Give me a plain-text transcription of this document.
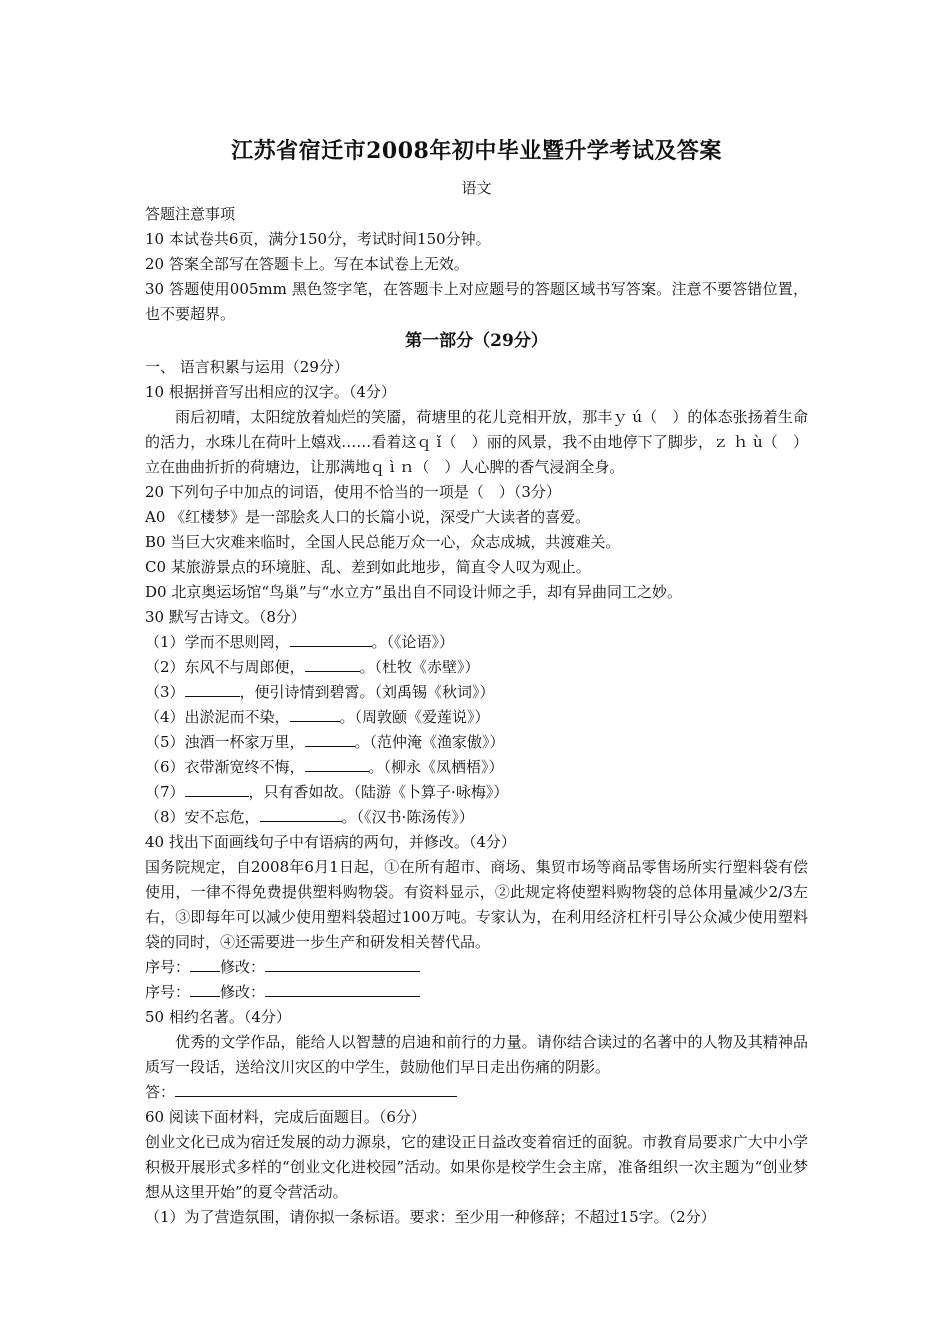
江苏省宿迁市2008年初中毕业暨升学考试及答案
语文

答题注意事项

10 本试卷共6页，满分150分，考试时间150分钟。

20 答案全部写在答题卡上。写在本试卷上无效。

30 答题使用005mm 黑色签字笔，在答题卡上对应题号的答题区域书写答案。注意不要答错位置，也不要超界。

第一部分（29分）

一、 语言积累与运用（29分）

10 根据拼音写出相应的汉字。（4分）

雨后初晴，太阳绽放着灿烂的笑靥，荷塘里的花儿竞相开放，那丰ｙ ú（　）的体态张扬着生命的活力，水珠儿在荷叶上嬉戏……看着这ｑ ǐ（　）丽的风景，我不由地停下了脚步，ｚ ｈ ù（　）立在曲曲折折的荷塘边，让那满地ｑ ì ｎ（　）人心脾的香气浸润全身。

20 下列句子中加点的词语，使用不恰当的一项是（　）（3分）

A0 《红楼梦》是一部脍炙人口的长篇小说，深受广大读者的喜爱。

B0 当巨大灾难来临时，全国人民总能万众一心，众志成城，共渡难关。

C0 某旅游景点的环境脏、乱、差到如此地步，简直令人叹为观止。

D0 北京奥运场馆“鸟巢”与“水立方”虽出自不同设计师之手，却有异曲同工之妙。

30 默写古诗文。（8分）

（1）学而不思则罔，	。（《论语》）

（2）东风不与周郎便，	。（杜牧《赤壁》）

（3）	，便引诗情到碧霄。（刘禹锡《秋词》）

（4）出淤泥而不染，	。（周敦颐《爱莲说》）

（5）浊酒一杯家万里，	。（范仲淹《渔家傲》）

（6）衣带渐宽终不悔，	。（柳永《凤栖梧》）

（7）	，只有香如故。（陆游《卜算子·咏梅》）

（8）安不忘危，	。（《汉书·陈汤传》）

40 找出下面画线句子中有语病的两句，并修改。（4分）

国务院规定，自2008年6月1日起，①在所有超市、商场、集贸市场等商品零售场所实行塑料袋有偿使用，一律不得免费提供塑料购物袋。有资料显示，②此规定将使塑料购物袋的总体用量减少2/3左右，③即每年可以减少使用塑料袋超过100万吨。专家认为，在利用经济杠杆引导公众减少使用塑料袋的同时，④还需要进一步生产和研发相关替代品。

序号： 修改：

序号： 修改：

50 相约名著。（4分）

优秀的文学作品，能给人以智慧的启迪和前行的力量。请你结合读过的名著中的人物及其精神品质写一段话，送给汶川灾区的中学生，鼓励他们早日走出伤痛的阴影。

答：

60 阅读下面材料，完成后面题目。（6分）

创业文化已成为宿迁发展的动力源泉，它的建设正日益改变着宿迁的面貌。市教育局要求广大中小学积极开展形式多样的“创业文化进校园”活动。如果你是校学生会主席，准备组织一次主题为“创业梦想从这里开始”的夏令营活动。

（1）为了营造氛围，请你拟一条标语。要求：至少用一种修辞；不超过15字。（2分）
